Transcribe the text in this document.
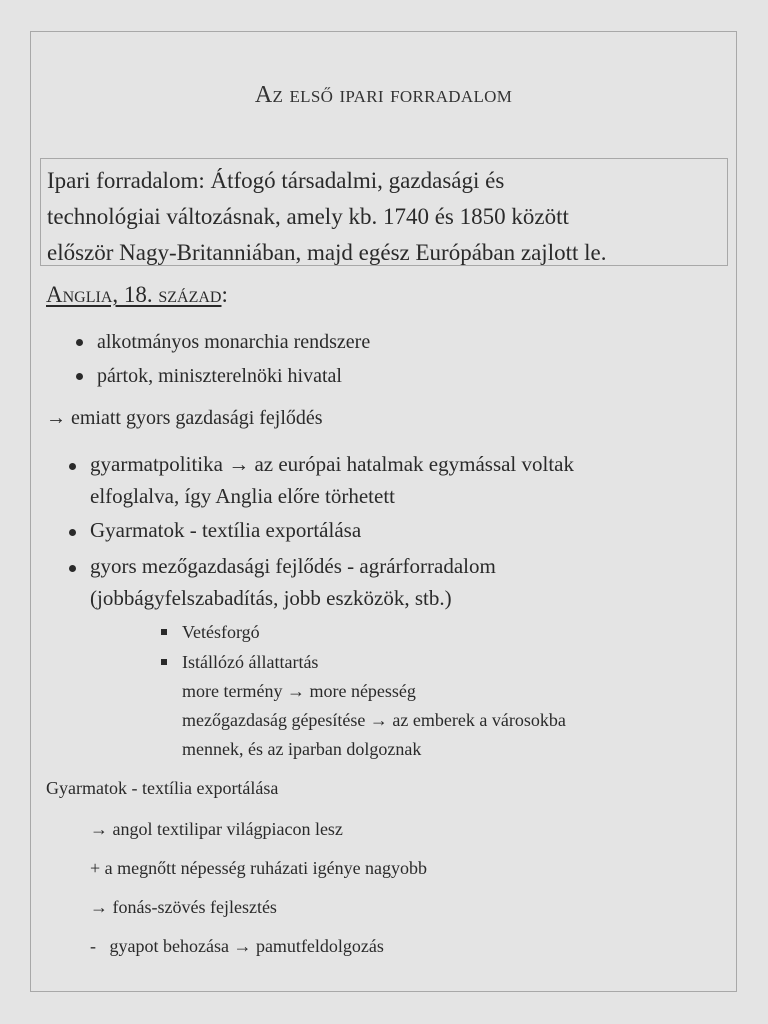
Az első ipari forradalom
Ipari forradalom: Átfogó társadalmi, gazdasági és
technológiai változásnak, amely kb. 1740 és 1850 között
először Nagy-Britanniában, majd egész Európában zajlott le.
Anglia, 18. század:
alkotmányos monarchia rendszere
pártok, miniszterelnöki hivatal
→ emiatt gyors gazdasági fejlődés
gyarmatpolitika → az európai hatalmak egymással voltak
elfoglalva, így Anglia előre törhetett
Gyarmatok - textília exportálása
gyors mezőgazdasági fejlődés - agrárforradalom
(jobbágyfelszabadítás, jobb eszközök, stb.)
Vetésforgó
Istállózó állattartás
more termény → more népesség
mezőgazdaság gépesítése → az emberek a városokba
mennek, és az iparban dolgoznak
Gyarmatok - textília exportálása
→ angol textilipar világpiacon lesz
+ a megnőtt népesség ruházati igénye nagyobb
→ fonás-szövés fejlesztés
-   gyapot behozása → pamutfeldolgozás
